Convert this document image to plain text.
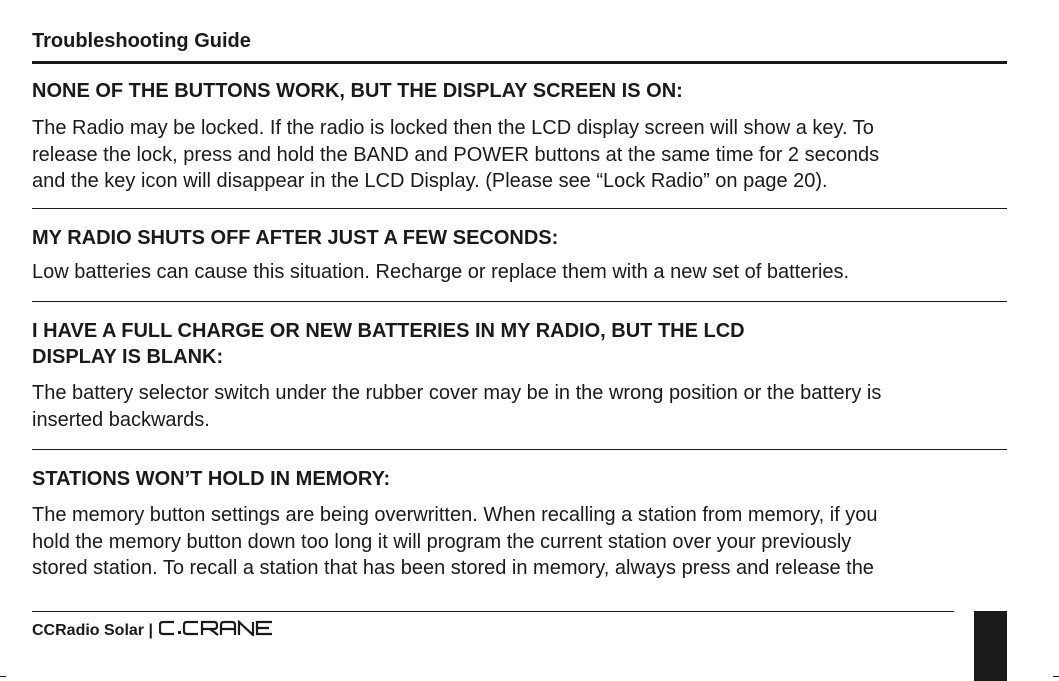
Troubleshooting Guide
NONE OF THE BUTTONS WORK, BUT THE DISPLAY SCREEN IS ON:
The Radio may be locked. If the radio is locked then the LCD display screen will show a key. To
release the lock, press and hold the BAND and POWER buttons at the same time for 2 seconds
and the key icon will disappear in the LCD Display. (Please see “Lock Radio” on page 20).
MY RADIO SHUTS OFF AFTER JUST A FEW SECONDS:
Low batteries can cause this situation. Recharge or replace them with a new set of batteries.
I HAVE A FULL CHARGE OR NEW BATTERIES IN MY RADIO, BUT THE LCD
DISPLAY IS BLANK:
The battery selector switch under the rubber cover may be in the wrong position or the battery is
inserted backwards.
STATIONS WON’T HOLD IN MEMORY:
The memory button settings are being overwritten. When recalling a station from memory, if you
hold the memory button down too long it will program the current station over your previously
stored station. To recall a station that has been stored in memory, always press and release the
CCRadio Solar |
